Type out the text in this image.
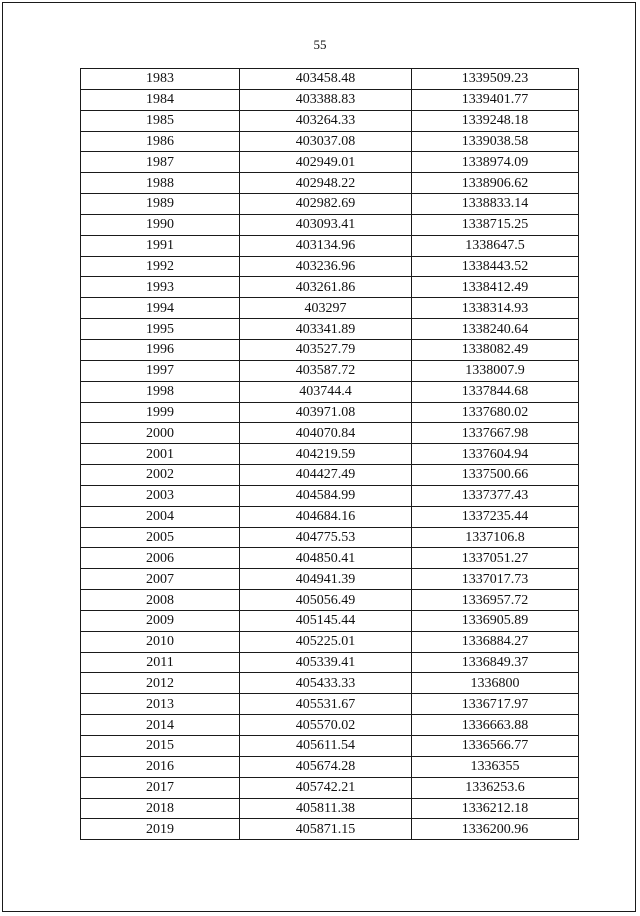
55
1983	403458.48	1339509.23
1984	403388.83	1339401.77
1985	403264.33	1339248.18
1986	403037.08	1339038.58
1987	402949.01	1338974.09
1988	402948.22	1338906.62
1989	402982.69	1338833.14
1990	403093.41	1338715.25
1991	403134.96	1338647.5
1992	403236.96	1338443.52
1993	403261.86	1338412.49
1994	403297	1338314.93
1995	403341.89	1338240.64
1996	403527.79	1338082.49
1997	403587.72	1338007.9
1998	403744.4	1337844.68
1999	403971.08	1337680.02
2000	404070.84	1337667.98
2001	404219.59	1337604.94
2002	404427.49	1337500.66
2003	404584.99	1337377.43
2004	404684.16	1337235.44
2005	404775.53	1337106.8
2006	404850.41	1337051.27
2007	404941.39	1337017.73
2008	405056.49	1336957.72
2009	405145.44	1336905.89
2010	405225.01	1336884.27
2011	405339.41	1336849.37
2012	405433.33	1336800
2013	405531.67	1336717.97
2014	405570.02	1336663.88
2015	405611.54	1336566.77
2016	405674.28	1336355
2017	405742.21	1336253.6
2018	405811.38	1336212.18
2019	405871.15	1336200.96
